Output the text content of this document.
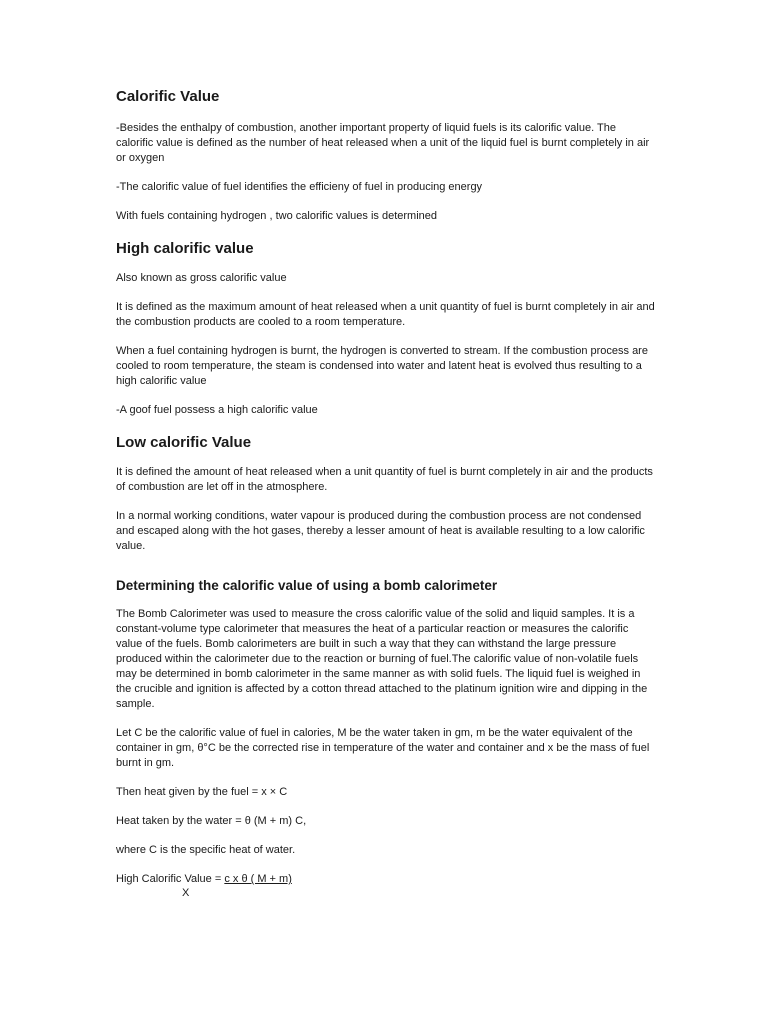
Calorific Value

-Besides the enthalpy of combustion, another important property of liquid fuels is its calorific value. The calorific value is defined as the number of heat released when a unit of the liquid fuel is burnt completely in air or oxygen

-The calorific value of fuel identifies the efficieny of fuel in producing energy

With fuels containing hydrogen , two calorific values is determined

High calorific value

Also known as gross calorific value

It is defined as the maximum amount of heat released when a unit quantity of fuel is burnt completely in air and the combustion products are cooled to a room temperature.

When a fuel containing hydrogen is burnt, the hydrogen is converted to stream. If the combustion process are cooled to room temperature, the steam is condensed into water and latent heat is evolved thus resulting to a high calorific value

-A goof fuel possess a high calorific value

Low calorific Value

It is defined the amount of heat released when a unit quantity of fuel is burnt completely in air and the products of combustion are let off in the atmosphere.

In a normal working conditions, water vapour is produced during the combustion process are not condensed and escaped along with the hot gases, thereby a lesser amount of heat is available resulting to a low calorific value.

Determining the calorific value of using a bomb calorimeter

The Bomb Calorimeter was used to measure the cross calorific value of the solid and liquid samples. It is a constant-volume type calorimeter that measures the heat of a particular reaction or measures the calorific value of the fuels. Bomb calorimeters are built in such a way that they can withstand the large pressure produced within the calorimeter due to the reaction or burning of fuel.The calorific value of non-volatile fuels may be determined in bomb calorimeter in the same manner as with solid fuels. The liquid fuel is weighed in the crucible and ignition is affected by a cotton thread attached to the platinum ignition wire and dipping in the sample.

Let C be the calorific value of fuel in calories, M be the water taken in gm, m be the water equivalent of the container in gm, θ°C be the corrected rise in temperature of the water and container and x be the mass of fuel burnt in gm.

Then heat given by the fuel = x × C

Heat taken by the water = θ (M + m) C,

where C is the specific heat of water.

High Calorific Value = c x θ ( M + m)
X
